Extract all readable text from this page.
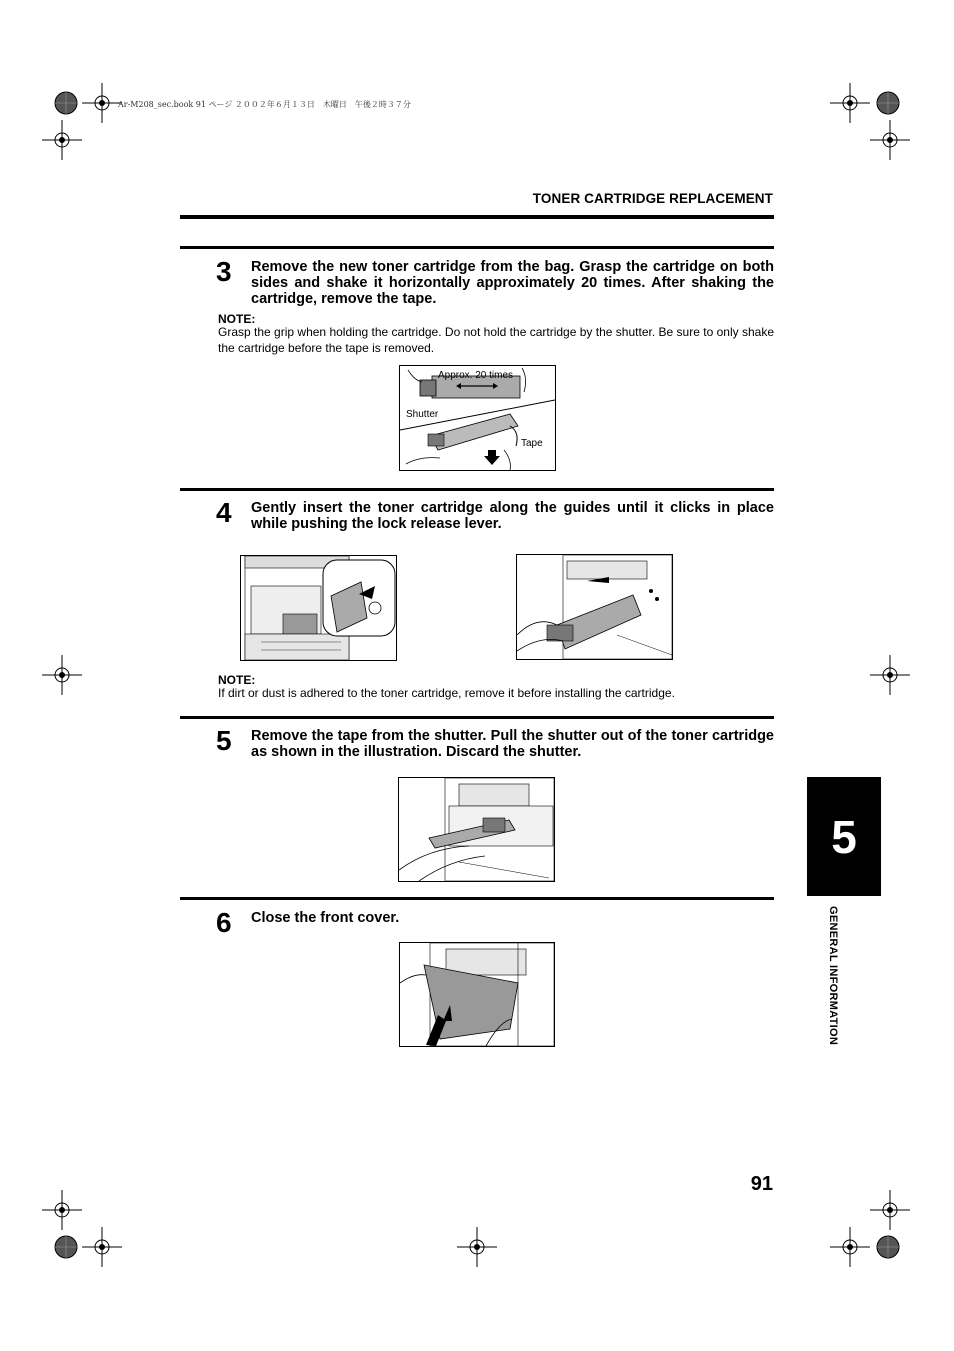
Ar-M208_sec.book 91 ページ ２００２年６月１３日　木曜日　午後２時３７分
TONER CARTRIDGE REPLACEMENT
3 Remove the new toner cartridge from the bag. Grasp the cartridge on both sides and shake it horizontally approximately 20 times. After shaking the cartridge, remove the tape.
NOTE:
Grasp the grip when holding the cartridge. Do not hold the cartridge by the shutter. Be sure to only shake the cartridge before the tape is removed.
Approx. 20 times
Shutter
Tape
4 Gently insert the toner cartridge along the guides until it clicks in place while pushing the lock release lever.
NOTE:
If dirt or dust is adhered to the toner cartridge, remove it before installing the cartridge.
5 Remove the tape from the shutter. Pull the shutter out of the toner cartridge as shown in the illustration. Discard the shutter.
6 Close the front cover.
5
GENERAL INFORMATION
91
